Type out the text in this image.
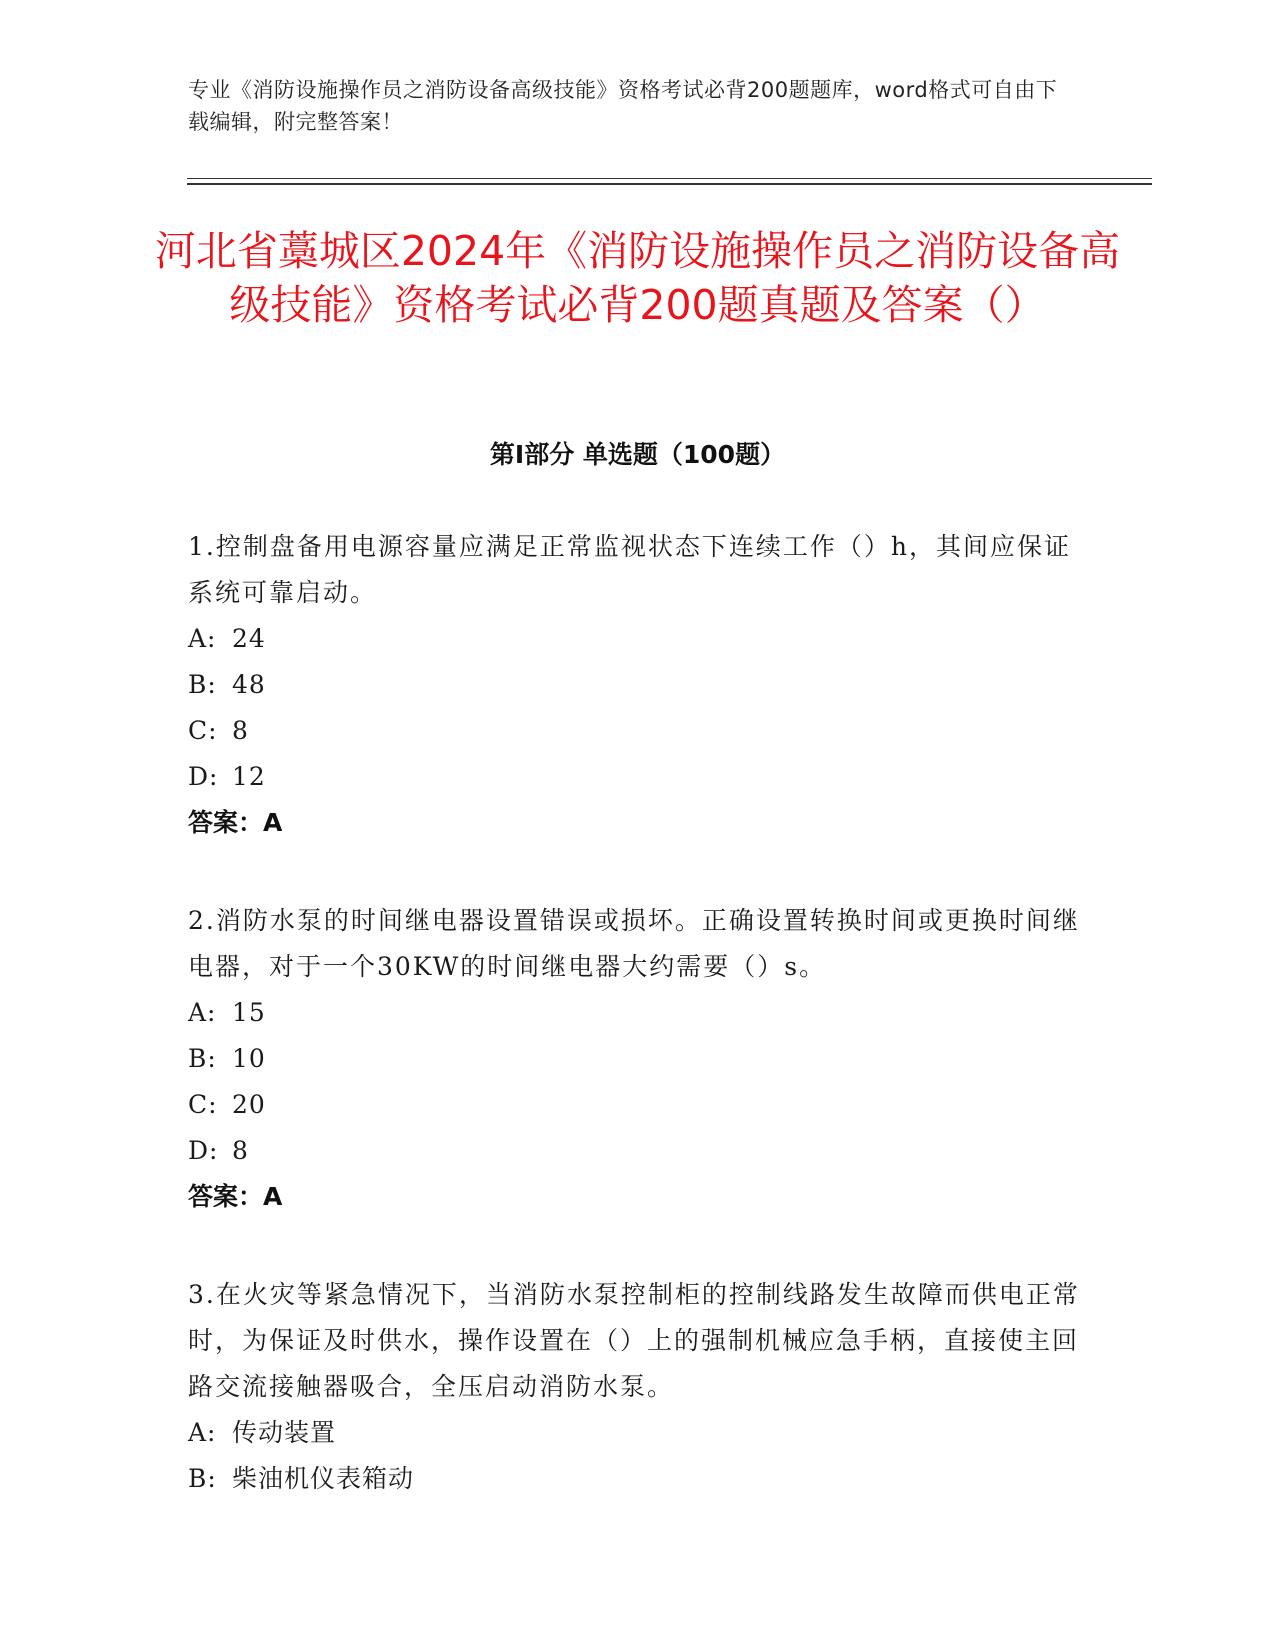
专业《消防设施操作员之消防设备高级技能》资格考试必背200题题库，word格式可自由下载编辑，附完整答案！
河北省藁城区2024年《消防设施操作员之消防设备高级技能》资格考试必背200题真题及答案（）
第Ⅰ部分 单选题（100题）

1.控制盘备用电源容量应满足正常监视状态下连续工作（）h，其间应保证系统可靠启动。

A: 24

B: 48

C: 8

D: 12

答案：A

2.消防水泵的时间继电器设置错误或损坏。正确设置转换时间或更换时间继电器，对于一个30KW的时间继电器大约需要（）s。

A: 15

B: 10

C: 20

D: 8

答案：A

3.在火灾等紧急情况下，当消防水泵控制柜的控制线路发生故障而供电正常时，为保证及时供水，操作设置在（）上的强制机械应急手柄，直接使主回路交流接触器吸合，全压启动消防水泵。

A: 传动装置

B: 柴油机仪表箱动
